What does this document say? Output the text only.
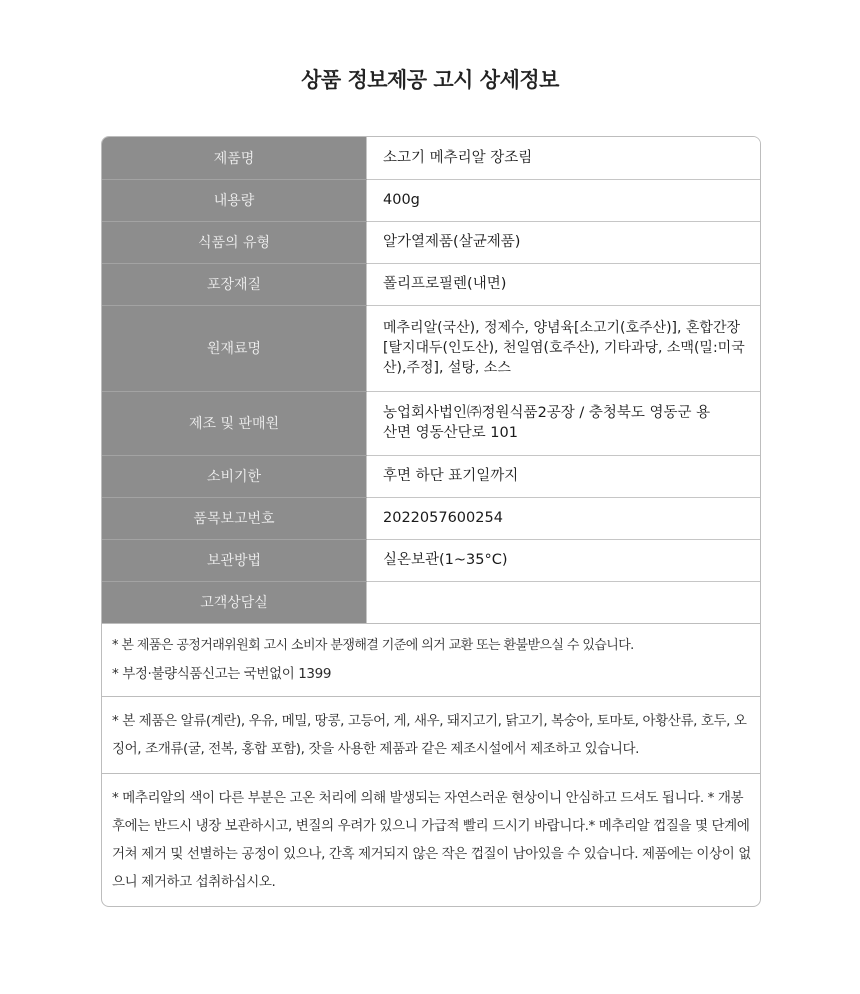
상품 정보제공 고시 상세정보
제품명	소고기 메추리알 장조림
내용량	400g
식품의 유형	알가열제품(살균제품)
포장재질	폴리프로필렌(내면)
원재료명	메추리알(국산), 정제수, 양념육[소고기(호주산)], 혼합간장[탈지대두(인도산), 천일염(호주산), 기타과당, 소맥(밀:미국산),주정], 설탕, 소스
제조 및 판매원	농업회사법인㈜정원식품2공장 / 충청북도 영동군 용산면 영동산단로 101
소비기한	후면 하단 표기일까지
품목보고번호	2022057600254
보관방법	실온보관(1~35°C)
고객상담실	

* 본 제품은 공정거래위원회 고시 소비자 분쟁해결 기준에 의거 교환 또는 환불받으실 수 있습니다.

* 부정·불량식품신고는 국번없이 1399

* 본 제품은 알류(계란), 우유, 메밀, 땅콩, 고등어, 게, 새우, 돼지고기, 닭고기, 복숭아, 토마토, 아황산류, 호두, 오징어, 조개류(굴, 전복, 홍합 포함), 잣을 사용한 제품과 같은 제조시설에서 제조하고 있습니다.

* 메추리알의 색이 다른 부분은 고온 처리에 의해 발생되는 자연스러운 현상이니 안심하고 드셔도 됩니다. * 개봉 후에는 반드시 냉장 보관하시고, 변질의 우려가 있으니 가급적 빨리 드시기 바랍니다.* 메추리알 껍질을 몇 단계에 거쳐 제거 및 선별하는 공정이 있으나, 간혹 제거되지 않은 작은 껍질이 남아있을 수 있습니다. 제품에는 이상이 없으니 제거하고 섭취하십시오.
